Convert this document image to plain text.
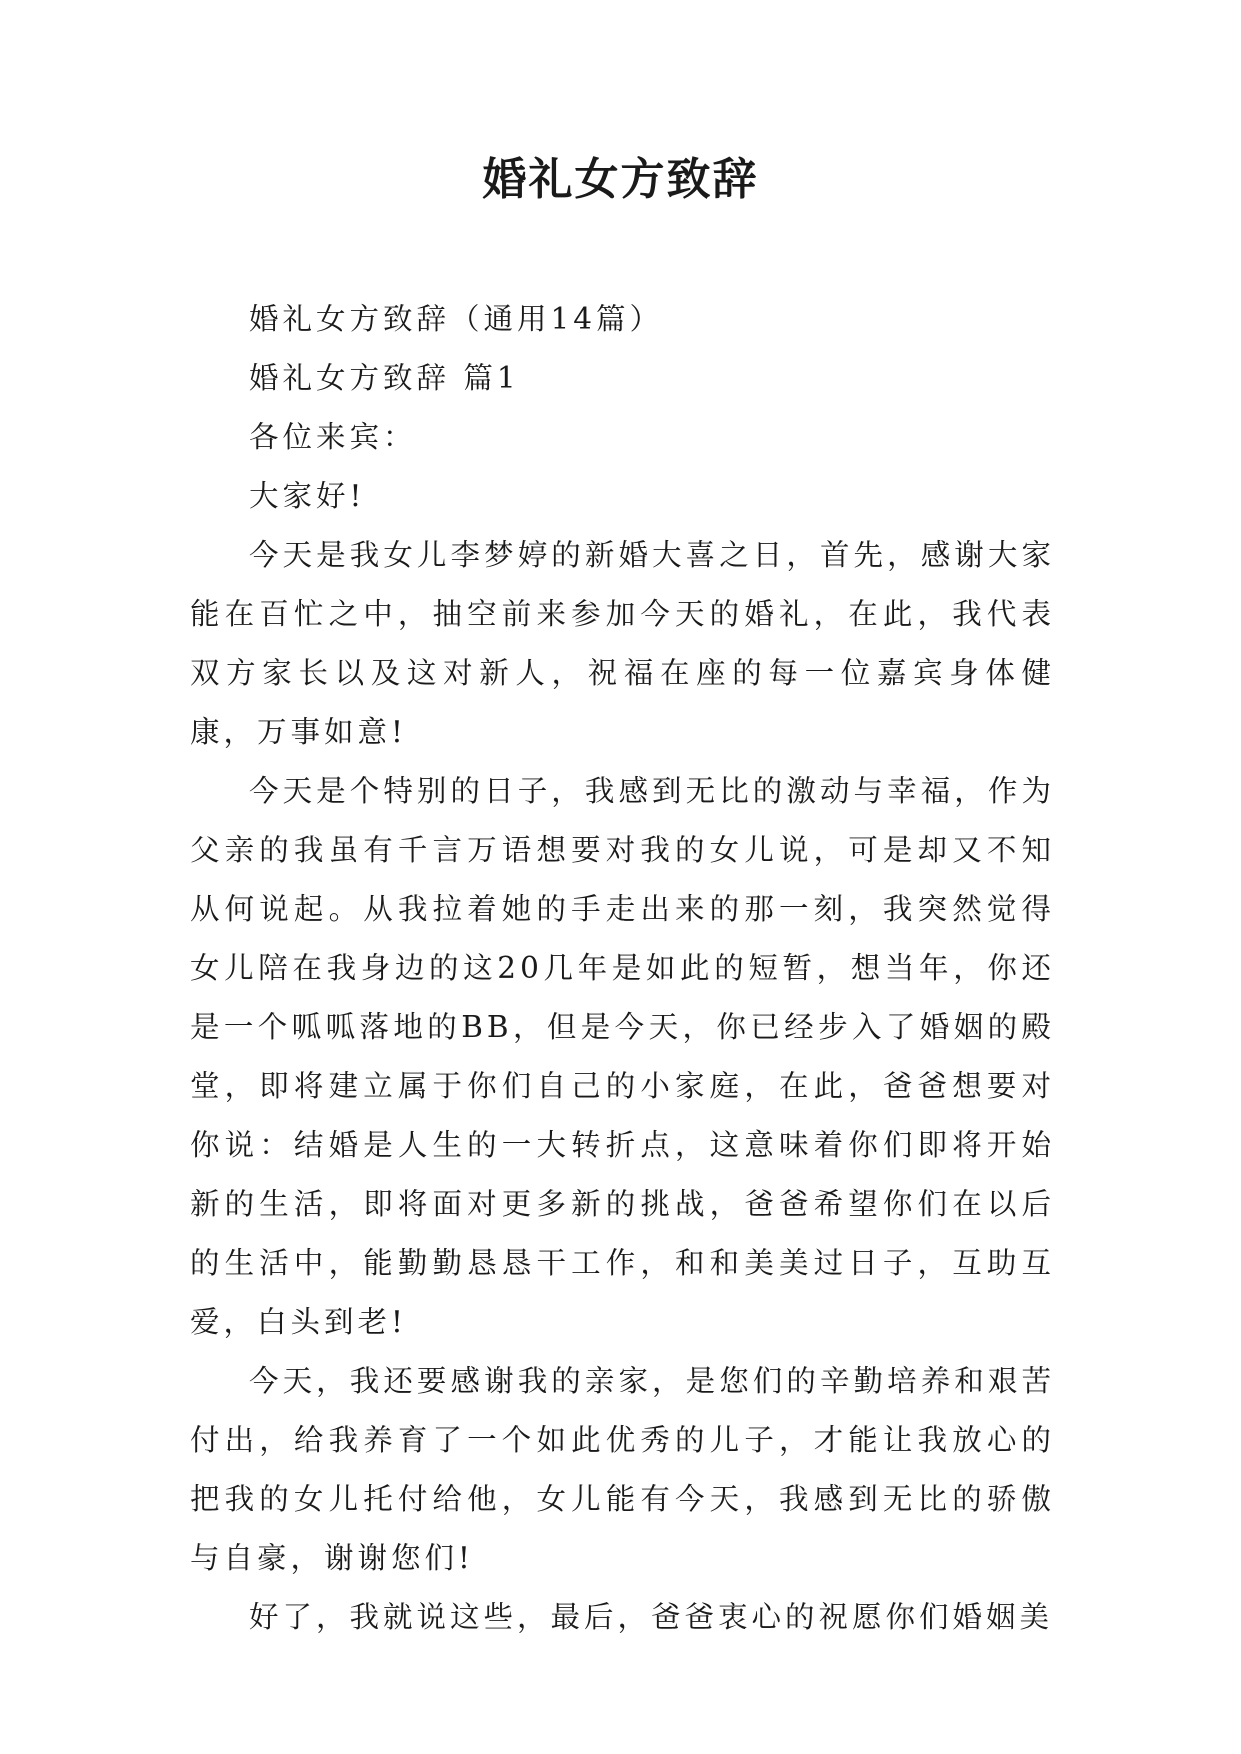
婚礼女方致辞

婚礼女方致辞（通用14篇）

婚礼女方致辞 篇1

各位来宾：

大家好!

今天是我女儿李梦婷的新婚大喜之日，首先，感谢大家能在百忙之中，抽空前来参加今天的婚礼，在此，我代表双方家长以及这对新人，祝福在座的每一位嘉宾身体健康，万事如意!

今天是个特别的日子，我感到无比的激动与幸福，作为父亲的我虽有千言万语想要对我的女儿说，可是却又不知从何说起。从我拉着她的手走出来的那一刻，我突然觉得女儿陪在我身边的这20几年是如此的短暂，想当年，你还是一个呱呱落地的BB，但是今天，你已经步入了婚姻的殿堂，即将建立属于你们自己的小家庭，在此，爸爸想要对你说：结婚是人生的一大转折点，这意味着你们即将开始新的生活，即将面对更多新的挑战，爸爸希望你们在以后的生活中，能勤勤恳恳干工作，和和美美过日子，互助互爱，白头到老!

今天，我还要感谢我的亲家，是您们的辛勤培养和艰苦付出，给我养育了一个如此优秀的儿子，才能让我放心的把我的女儿托付给他，女儿能有今天，我感到无比的骄傲与自豪，谢谢您们!

好了，我就说这些，最后，爸爸衷心的祝愿你们婚姻美
